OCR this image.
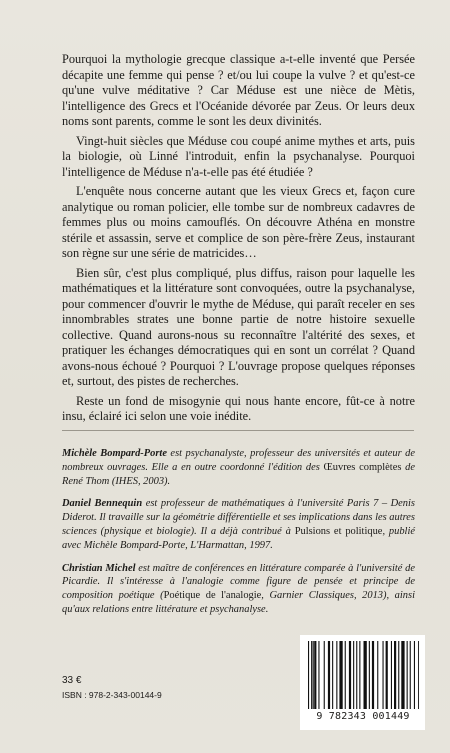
Pourquoi la mythologie grecque classique a-t-elle inventé que Persée décapite une femme qui pense ? et/ou lui coupe la vulve ? et qu'est-ce qu'une vulve méditative ? Car Méduse est une nièce de Mètis, l'intelligence des Grecs et l'Océanide dévorée par Zeus. Or leurs deux noms sont parents, comme le sont les deux divinités.

Vingt-huit siècles que Méduse cou coupé anime mythes et arts, puis la biologie, où Linné l'introduit, enfin la psychanalyse. Pourquoi l'intelligence de Méduse n'a-t-elle pas été étudiée ?

L'enquête nous concerne autant que les vieux Grecs et, façon cure analytique ou roman policier, elle tombe sur de nombreux cadavres de femmes plus ou moins camouflés. On découvre Athéna en monstre stérile et assassin, serve et complice de son père-frère Zeus, instaurant son règne sur une série de matricides…

Bien sûr, c'est plus compliqué, plus diffus, raison pour laquelle les mathématiques et la littérature sont convoquées, outre la psychanalyse, pour commencer d'ouvrir le mythe de Méduse, qui paraît receler en ses innombrables strates une bonne partie de notre histoire sexuelle collective. Quand aurons-nous su reconnaître l'altérité des sexes, et pratiquer les échanges démocratiques qui en sont un corrélat ? Quand avons-nous échoué ? Pourquoi ? L'ouvrage propose quelques réponses et, surtout, des pistes de recherches.

Reste un fond de misogynie qui nous hante encore, fût-ce à notre insu, éclairé ici selon une voie inédite.

Michèle Bompard-Porte est psychanalyste, professeur des universités et auteur de nombreux ouvrages. Elle a en outre coordonné l'édition des Œuvres complètes de René Thom (IHES, 2003).

Daniel Bennequin est professeur de mathématiques à l'université Paris 7 – Denis Diderot. Il travaille sur la géométrie différentielle et ses implications dans les autres sciences (physique et biologie). Il a déjà contribué à Pulsions et politique, publié avec Michèle Bompard-Porte, L'Harmattan, 1997.

Christian Michel est maître de conférences en littérature comparée à l'université de Picardie. Il s'intéresse à l'analogie comme figure de pensée et principe de composition poétique (Poétique de l'analogie, Garnier Classiques, 2013), ainsi qu'aux relations entre littérature et psychanalyse.

33 €
ISBN : 978-2-343-00144-9
9 782343 001449
